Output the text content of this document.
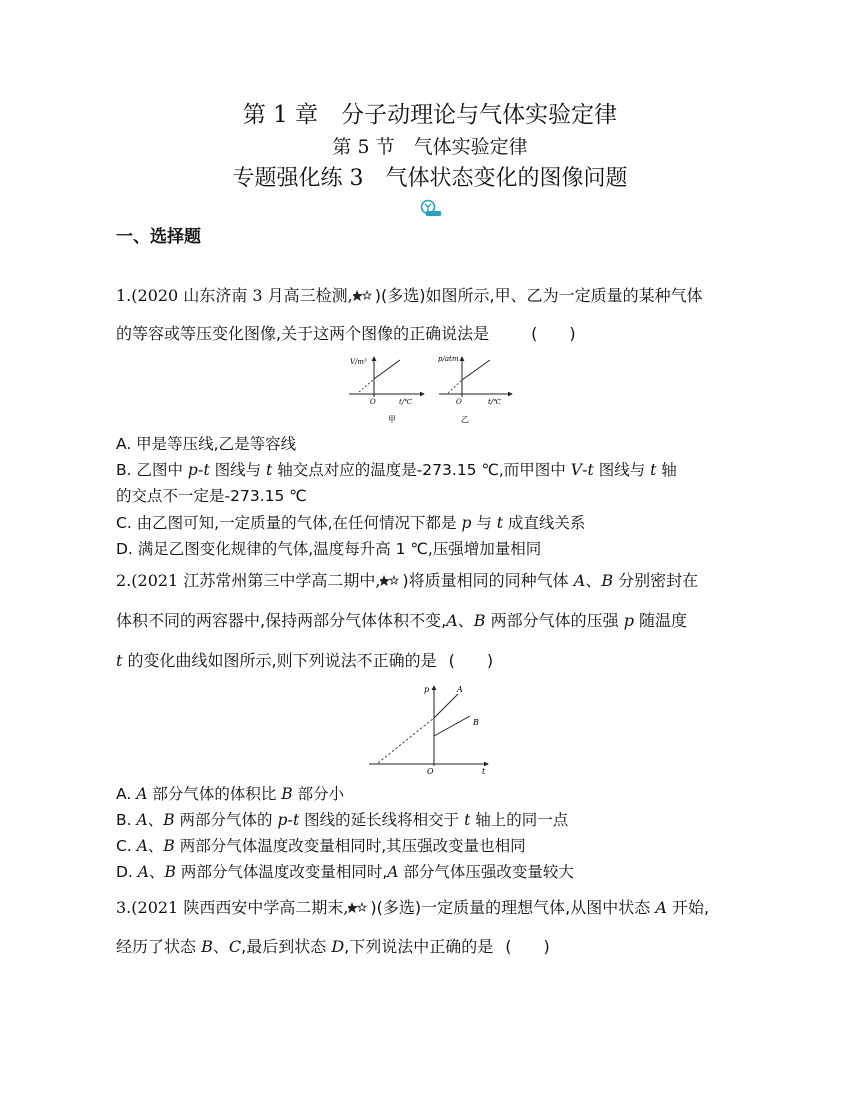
第 1 章　分子动理论与气体实验定律
第 5 节　气体实验定律
专题强化练 3　气体状态变化的图像问题
一、选择题
1.(2020 山东济南 3 月高三检测, )(多选)如图所示,甲、乙为一定质量的某种气体
的等容或等压变化图像,关于这两个图像的正确说法是	(　　)
V/m³
O	t/℃
甲
p/atm
O	t/℃
乙
A. 甲是等压线,乙是等容线
B. 乙图中 p-t 图线与 t 轴交点对应的温度是-273.15 ℃,而甲图中 V-t 图线与 t 轴
的交点不一定是-273.15 ℃
C. 由乙图可知,一定质量的气体,在任何情况下都是 p 与 t 成直线关系
D. 满足乙图变化规律的气体,温度每升高 1 ℃,压强增加量相同
2.(2021 江苏常州第三中学高二期中, )将质量相同的同种气体 A、B 分别密封在
体积不同的两容器中,保持两部分气体体积不变,A、B 两部分气体的压强 p 随温度
t 的变化曲线如图所示,则下列说法不正确的是 (　　)
p
t
O
A
B
A. A 部分气体的体积比 B 部分小
B. A、B 两部分气体的 p-t 图线的延长线将相交于 t 轴上的同一点
C. A、B 两部分气体温度改变量相同时,其压强改变量也相同
D. A、B 两部分气体温度改变量相同时,A 部分气体压强改变量较大
3.(2021 陕西西安中学高二期末, )(多选)一定质量的理想气体,从图中状态 A 开始,
经历了状态 B、C,最后到状态 D,下列说法中正确的是 (　　)
